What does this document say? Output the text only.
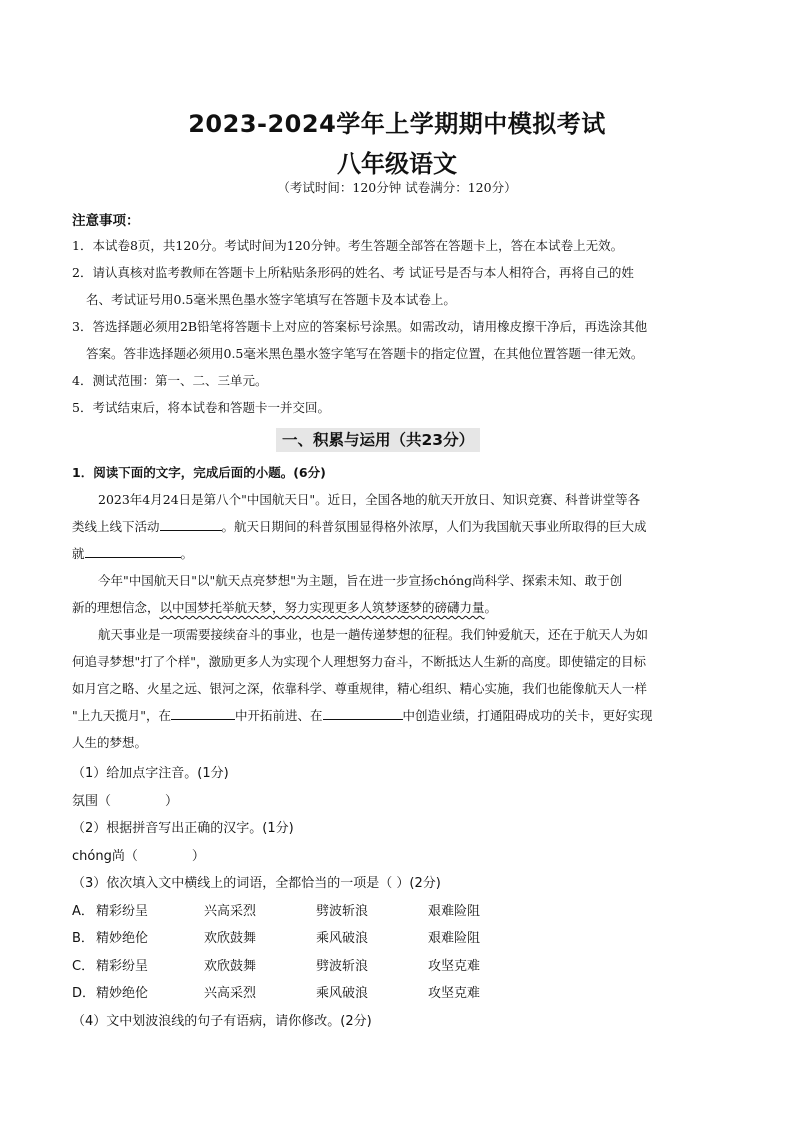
2023-2024学年上学期期中模拟考试
八年级语文
（考试时间：120分钟 试卷满分：120分）
注意事项：
1．本试卷8页，共120分。考试时间为120分钟。考生答题全部答在答题卡上，答在本试卷上无效。
2．请认真核对监考教师在答题卡上所粘贴条形码的姓名、考 试证号是否与本人相符合，再将自己的姓
名、考试证号用0.5毫米黑色墨水签字笔填写在答题卡及本试卷上。
3．答选择题必须用2B铅笔将答题卡上对应的答案标号涂黑。如需改动，请用橡皮擦干净后，再选涂其他
答案。答非选择题必须用0.5毫米黑色墨水签字笔写在答题卡的指定位置，在其他位置答题一律无效。
4．测试范围：第一、二、三单元。
5．考试结束后，将本试卷和答题卡一并交回。
一、积累与运用（共23分）
1．阅读下面的文字，完成后面的小题。(6分)
2023年4月24日是第八个"中国航天日"。近日，全国各地的航天开放日、知识竞赛、科普讲堂等各
类线上线下活动	。航天日期间的科普氛围显得格外浓厚，人们为我国航天事业所取得的巨大成
就	。
今年"中国航天日"以"航天点亮梦想"为主题，旨在进一步宣扬chóng尚科学、探索未知、敢于创
新的理想信念，以中国梦托举航天梦，努力实现更多人筑梦逐梦的磅礴力量。
航天事业是一项需要接续奋斗的事业，也是一趟传递梦想的征程。我们钟爱航天，还在于航天人为如
何追寻梦想"打了个样"，激励更多人为实现个人理想努力奋斗，不断抵达人生新的高度。即使锚定的目标
如月宫之略、火星之远、银河之深，依靠科学、尊重规律，精心组织、精心实施，我们也能像航天人一样
"上九天揽月"，在	中开拓前进、在	中创造业绩，打通阻碍成功的关卡，更好实现
人生的梦想。
（1）给加点字注音。(1分)
氛围（	）
（2）根据拼音写出正确的汉字。(1分)
chóng尚（	）
（3）依次填入文中横线上的词语，全都恰当的一项是（ ）(2分)
A． 精彩纷呈	兴高采烈	劈波斩浪	艰难险阻
B． 精妙绝伦	欢欣鼓舞	乘风破浪	艰难险阻
C． 精彩纷呈	欢欣鼓舞	劈波斩浪	攻坚克难
D．精妙绝伦	兴高采烈	乘风破浪	攻坚克难
（4）文中划波浪线的句子有语病，请你修改。(2分)
